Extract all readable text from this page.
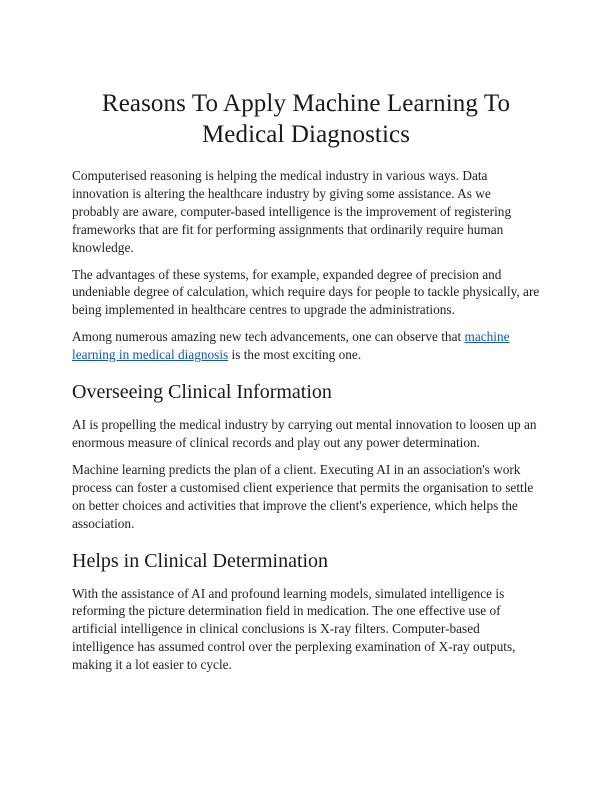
Reasons To Apply Machine Learning To Medical Diagnostics

Computerised reasoning is helping the medical industry in various ways. Data innovation is altering the healthcare industry by giving some assistance. As we probably are aware, computer-based intelligence is the improvement of registering frameworks that are fit for performing assignments that ordinarily require human knowledge.

The advantages of these systems, for example, expanded degree of precision and undeniable degree of calculation, which require days for people to tackle physically, are being implemented in healthcare centres to upgrade the administrations.

Among numerous amazing new tech advancements, one can observe that machine learning in medical diagnosis is the most exciting one.

Overseeing Clinical Information

AI is propelling the medical industry by carrying out mental innovation to loosen up an enormous measure of clinical records and play out any power determination.

Machine learning predicts the plan of a client. Executing AI in an association's work process can foster a customised client experience that permits the organisation to settle on better choices and activities that improve the client's experience, which helps the association.

Helps in Clinical Determination

With the assistance of AI and profound learning models, simulated intelligence is reforming the picture determination field in medication. The one effective use of artificial intelligence in clinical conclusions is X-ray filters. Computer-based intelligence has assumed control over the perplexing examination of X-ray outputs, making it a lot easier to cycle.
